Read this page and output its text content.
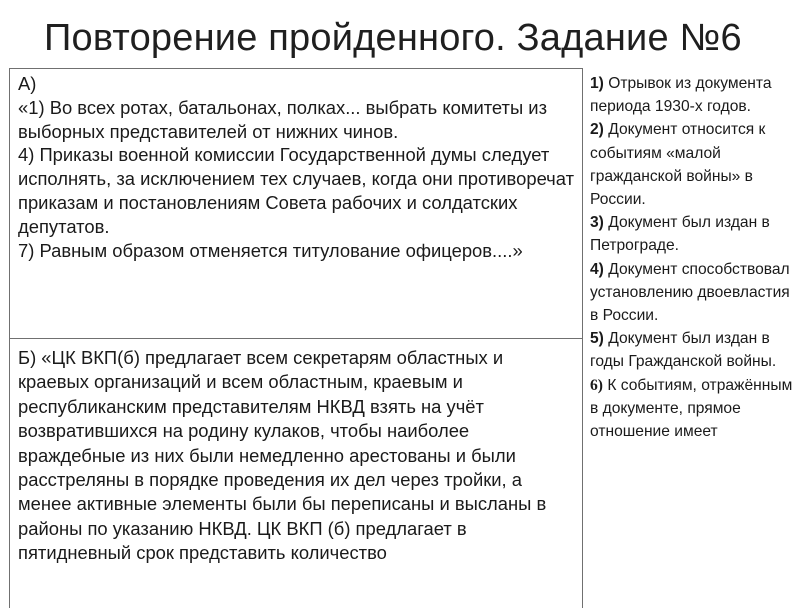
Повторение пройденного. Задание №6

А)

«1) Во всех ротах, батальонах, полках... выбрать комитеты из выборных представителей от нижних чинов.

4) Приказы военной комиссии Государственной думы следует исполнять, за исключением тех случаев, когда они противоречат приказам и постановлениям Совета рабочих и солдатских депутатов.

7) Равным образом отменяется титулование офицеров....»

Б) «ЦК ВКП(б) предлагает всем секретарям областных и краевых организаций и всем областным, краевым и республиканским представителям НКВД взять на учёт возвратившихся на родину кулаков, чтобы наиболее враждебные из них были немедленно арестованы и были расстреляны в порядке проведения их дел через тройки, а менее активные элементы были бы переписаны и высланы в районы по указанию НКВД. ЦК ВКП (б) предлагает в пятидневный срок представить количество

1) Отрывок из документа периода 1930-х годов.

2) Документ относится к событиям «малой гражданской войны» в России.

3) Документ был издан в Петрограде.

4) Документ способствовал установлению двоевластия в России.

5) Документ был издан в годы Гражданской войны.

6) К событиям, отражённым в документе, прямое отношение имеет
